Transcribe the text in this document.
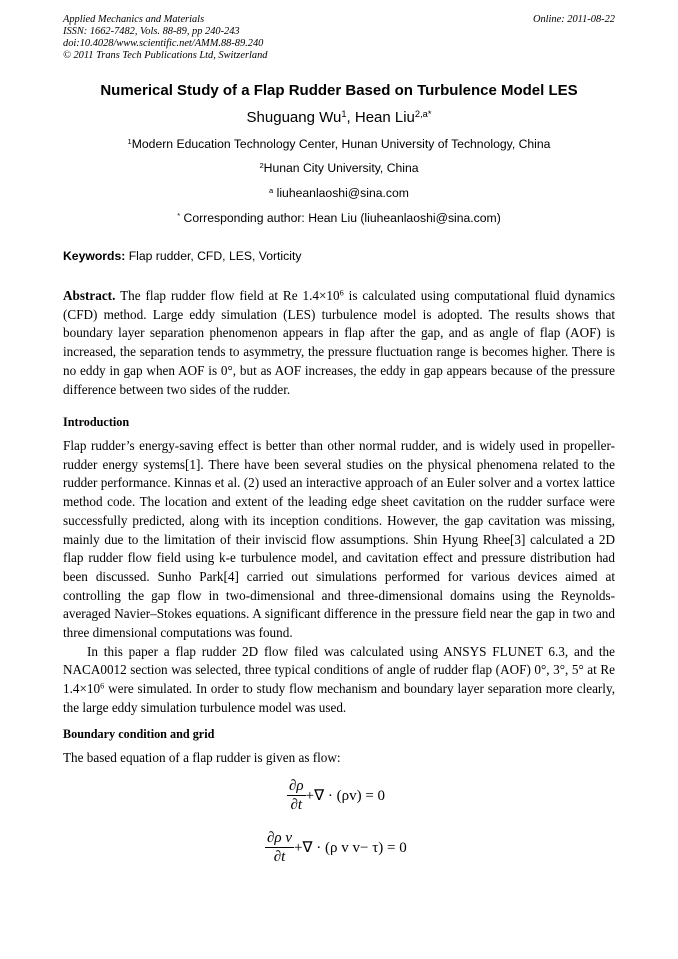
Applied Mechanics and Materials
ISSN: 1662-7482, Vols. 88-89, pp 240-243
doi:10.4028/www.scientific.net/AMM.88-89.240
© 2011 Trans Tech Publications Ltd, Switzerland
Online: 2011-08-22
Numerical Study of a Flap Rudder Based on Turbulence Model LES
Shuguang Wu$^1$, Hean Liu$^{2,a*}$
$^1$Modern Education Technology Center, Hunan University of Technology, China
$^2$Hunan City University, China
$^a$ liuheanlaoshi@sina.com
* Corresponding author: Hean Liu (liuheanlaoshi@sina.com)
Keywords: Flap rudder, CFD, LES, Vorticity
Abstract. The flap rudder flow field at Re $1.4\times 10^6$ is calculated using computational fluid dynamics (CFD) method. Large eddy simulation (LES) turbulence model is adopted. The results shows that boundary layer separation phenomenon appears in flap after the gap, and as angle of flap (AOF) is increased, the separation tends to asymmetry, the pressure fluctuation range is becomes higher. There is no eddy in gap when AOF is 0°, but as AOF increases, the eddy in gap appears because of the pressure difference between two sides of the rudder.
Introduction

Flap rudder’s energy-saving effect is better than other normal rudder, and is widely used in propeller-rudder energy systems[1]. There have been several studies on the physical phenomena related to the rudder performance. Kinnas et al. (2) used an interactive approach of an Euler solver and a vortex lattice method code. The location and extent of the leading edge sheet cavitation on the rudder surface were successfully predicted, along with its inception conditions. However, the gap cavitation was missing, mainly due to the limitation of their inviscid flow assumptions. Shin Hyung Rhee[3] calculated a 2D flap rudder flow field using k-e turbulence model, and cavitation effect and pressure distribution had been discussed. Sunho Park[4] carried out simulations performed for various devices aimed at controlling the gap flow in two-dimensional and three-dimensional domains using the Reynolds-averaged Navier–Stokes equations. A significant difference in the pressure field near the gap in two and three dimensional computations was found.

In this paper a flap rudder 2D flow filed was calculated using ANSYS FLUNET 6.3, and the NACA0012 section was selected, three typical conditions of angle of rudder flap (AOF) 0°, 3°, 5° at Re $1.4\times 10^6$ were simulated. In order to study flow mechanism and boundary layer separation more clearly, the large eddy simulation turbulence model was used.

Boundary condition and grid
The based equation of a flap rudder is given as flow:
$\frac{\partial\rho}{\partial t}$ +∇ · (ρv) = 0
$\frac{\text{∂ρ v}}{\partial t}$ +∇ · (ρ v v− τ) = 0
